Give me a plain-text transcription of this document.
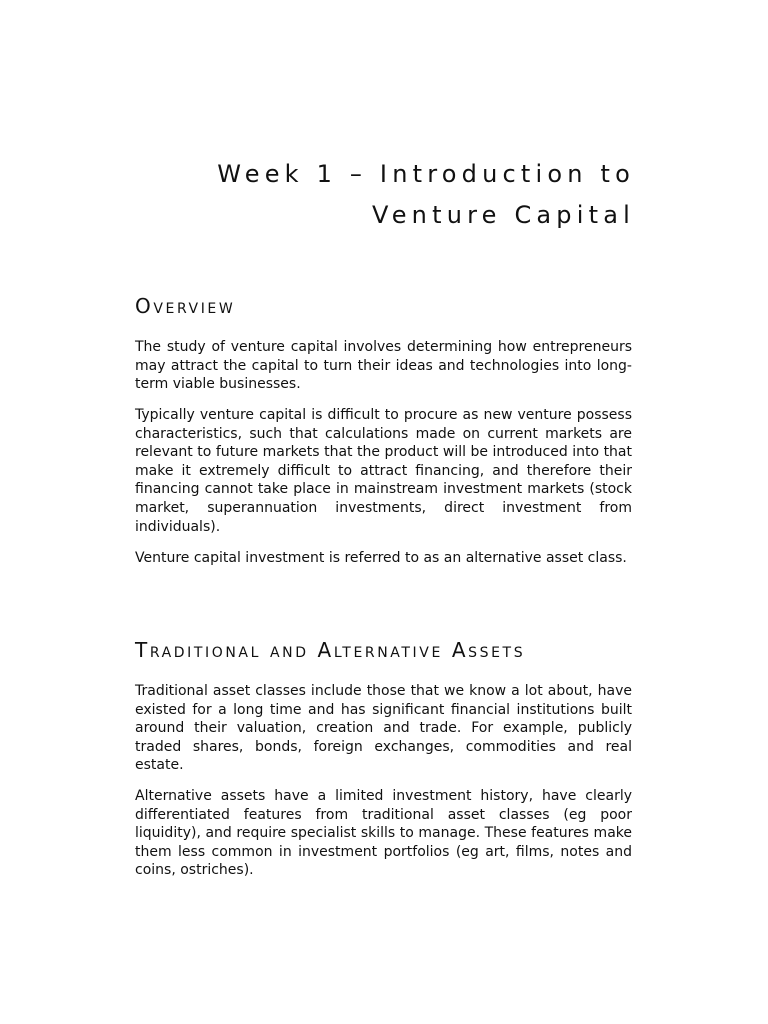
Week 1 – Introduction to
Venture Capital
Overview

The study of venture capital involves determining how entrepreneurs may attract the capital to turn their ideas and technologies into long-term viable businesses.

Typically venture capital is difficult to procure as new venture possess characteristics, such that calculations made on current markets are relevant to future markets that the product will be introduced into that make it extremely difficult to attract financing, and therefore their financing cannot take place in mainstream investment markets (stock market, superannuation investments, direct investment from individuals).

Venture capital investment is referred to as an alternative asset class.

Traditional and Alternative Assets

Traditional asset classes include those that we know a lot about, have existed for a long time and has significant financial institutions built around their valuation, creation and trade. For example, publicly traded shares, bonds, foreign exchanges, commodities and real estate.

Alternative assets have a limited investment history, have clearly differentiated features from traditional asset classes (eg poor liquidity), and require specialist skills to manage. These features make them less common in investment portfolios (eg art, films, notes and coins, ostriches).
